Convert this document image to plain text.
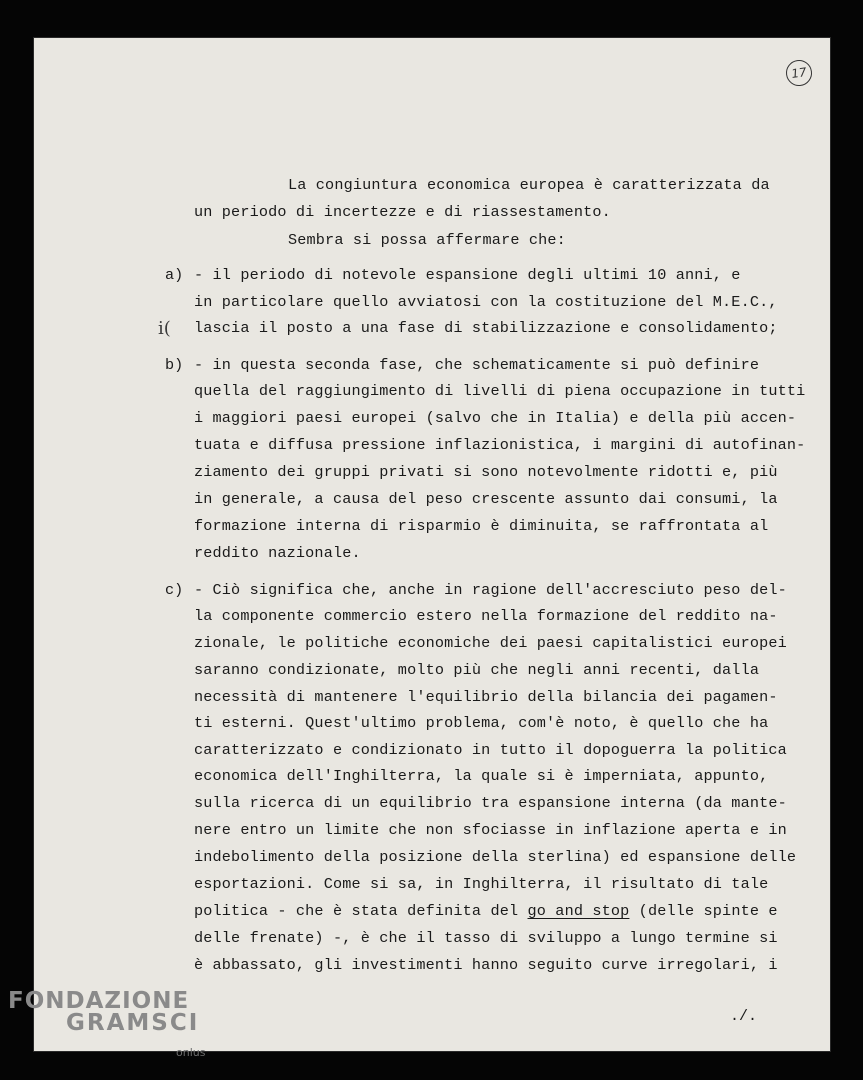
17
La congiuntura economica europea è caratterizzata da
un periodo di incertezze e di riassestamento.
Sembra si possa affermare che:
a) - il periodo di notevole espansione degli ultimi 10 anni, e
in particolare quello avviatosi con la costituzione del M.E.C.,
lascia il posto a una fase di stabilizzazione e consolidamento;
i(
b) - in questa seconda fase, che schematicamente si può definire
quella del raggiungimento di livelli di piena occupazione in tutti
i maggiori paesi europei (salvo che in Italia) e della più accen-
tuata e diffusa pressione inflazionistica, i margini di autofinan-
ziamento dei gruppi privati si sono notevolmente ridotti e, più
in generale, a causa del peso crescente assunto dai consumi, la
formazione interna di risparmio è diminuita, se raffrontata al
reddito nazionale.
c) - Ciò significa che, anche in ragione dell'accresciuto peso del-
la componente commercio estero nella formazione del reddito na-
zionale, le politiche economiche dei paesi capitalistici europei
saranno condizionate, molto più che negli anni recenti, dalla
necessità di mantenere l'equilibrio della bilancia dei pagamen-
ti esterni. Quest'ultimo problema, com'è noto, è quello che ha
caratterizzato e condizionato in tutto il dopoguerra la politica
economica dell'Inghilterra, la quale si è imperniata, appunto,
sulla ricerca di un equilibrio tra espansione interna (da mante-
nere entro un limite che non sfociasse in inflazione aperta e in
indebolimento della posizione della sterlina) ed espansione delle
esportazioni. Come si sa, in Inghilterra, il risultato di tale
politica - che è stata definita del go and stop (delle spinte e
delle frenate) -, è che il tasso di sviluppo a lungo termine si
è abbassato, gli investimenti hanno seguito curve irregolari, i
./.
FONDAZIONE
GRAMSCI
onlus
